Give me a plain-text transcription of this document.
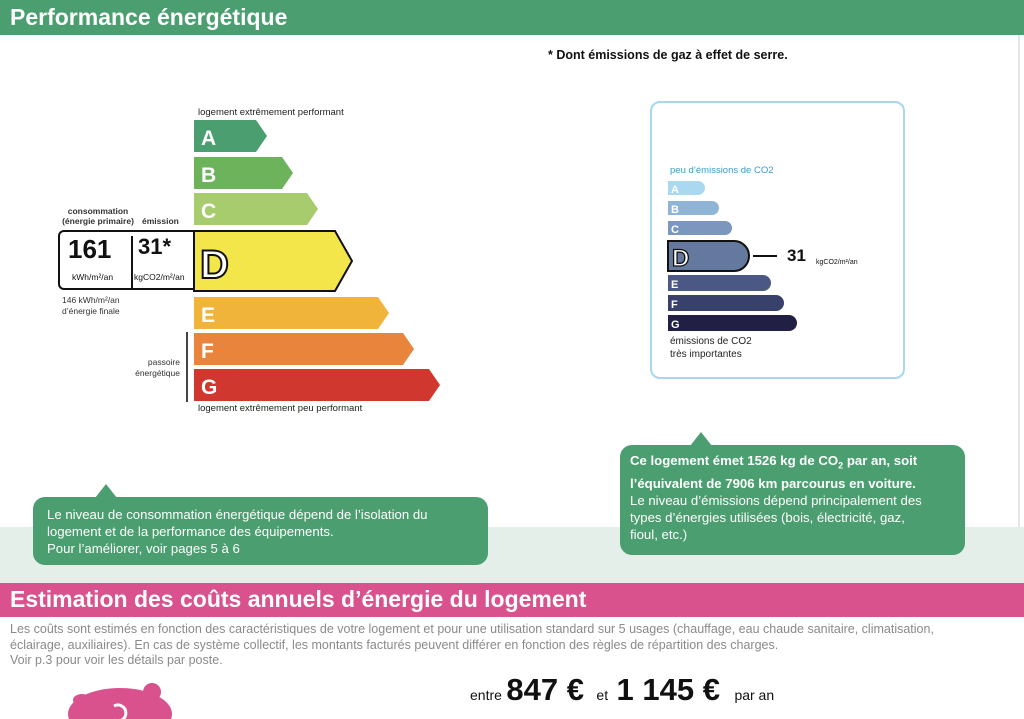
Performance énergétique
* Dont émissions de gaz à effet de serre.
logement extrêmement performant
logement extrêmement peu performant
A
B
C
D
E
F
G
consommation
(énergie primaire) émission
161
kWh/m²/an
31*
kgCO2/m²/an
146 kWh/m²/an
d’énergie finale
passoire
énergétique
peu d’émissions de CO2
A
B
C
D
E
F
G
31 kgCO2/m²/an
émissions de CO2
très importantes
Le niveau de consommation énergétique dépend de l’isolation du
logement et de la performance des équipements.
Pour l’améliorer, voir pages 5 à 6
Ce logement émet 1526 kg de $CO_2$ par an, soit
l’équivalent de 7906 km parcourus en voiture.
Le niveau d’émissions dépend principalement des
types d’énergies utilisées (bois, électricité, gaz,
fioul, etc.)
Estimation des coûts annuels d’énergie du logement
Les coûts sont estimés en fonction des caractéristiques de votre logement et pour une utilisation standard sur 5 usages (chauffage, eau chaude sanitaire, climatisation,
éclairage, auxiliaires). En cas de système collectif, les montants facturés peuvent différer en fonction des règles de répartition des charges.
Voir p.3 pour voir les détails par poste.
entre 847 € et 1 145 € par an
